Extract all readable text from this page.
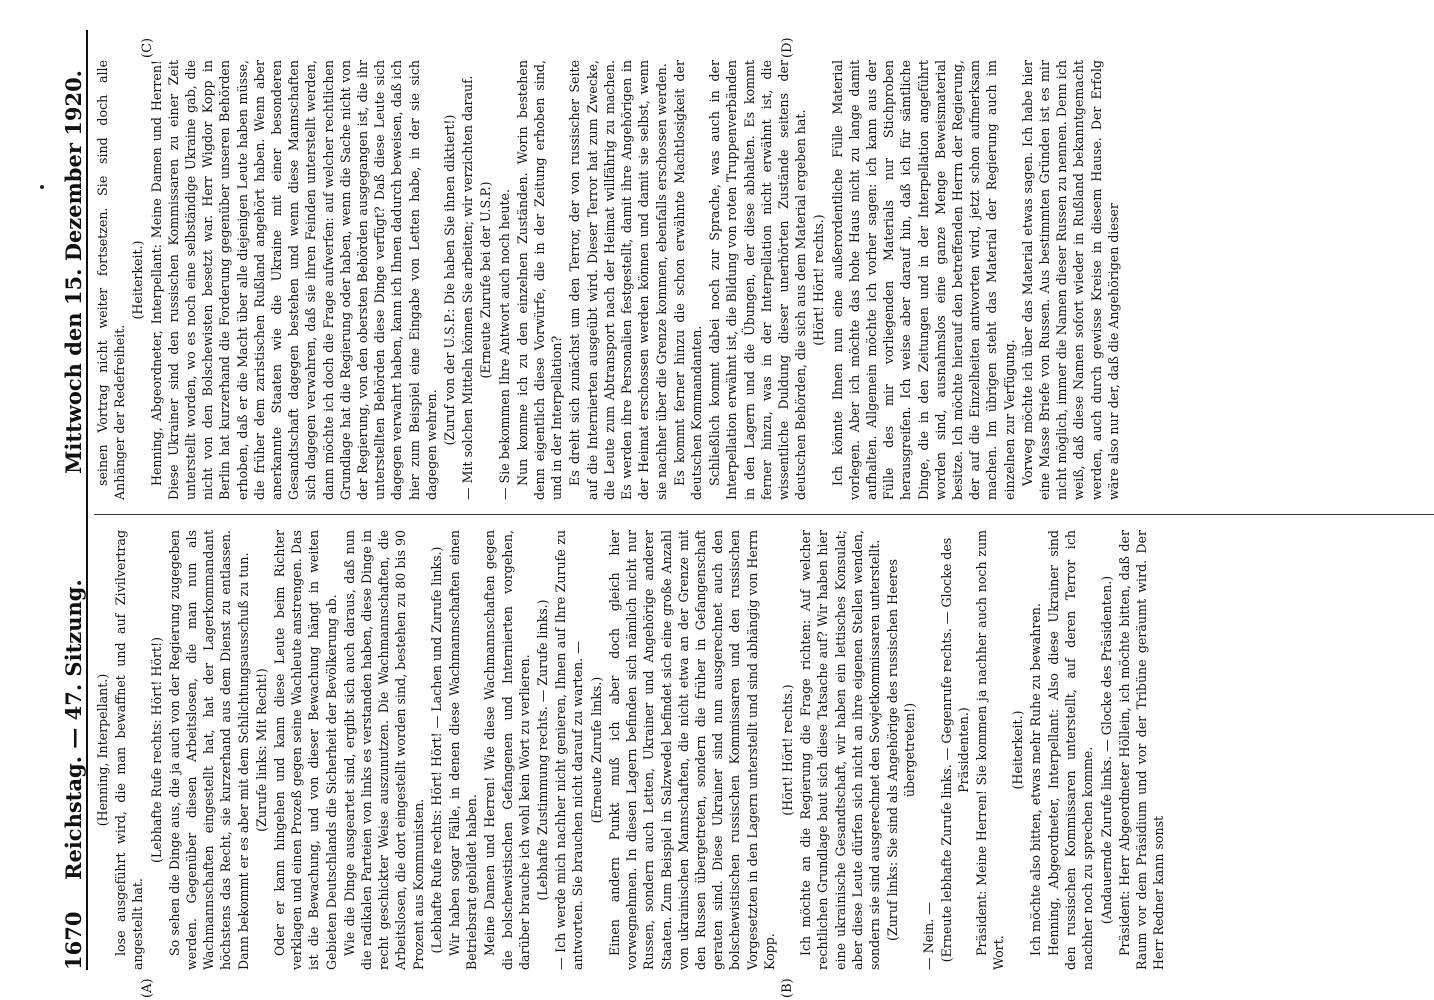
1670
Reichstag. — 47. Sitzung.
Mittwoch den 15. Dezember 1920.
(A)	(B)
(C)	(D)

(Henning, Interpellant.) lose ausgeführt wird, die man bewaffnet und auf Zivilvertrag angestellt hat.

(Lebhafte Rufe rechts: Hört! Hört!) So sehen die Dinge aus, die ja auch von der Regierung zugegeben werden. Gegenüber diesen Arbeitslosen, die man nun als Wachmannschaften eingestellt hat, hat der Lagerkommandant höchstens das Recht, sie kurzerhand aus dem Dienst zu entlassen. Dann bekommt er es aber mit dem Schlichtungsausschuß zu tun. (Zurufe links: Mit Recht!) Oder er kann hingehen und kann diese Leute beim Richter verklagen und einen Prozeß gegen seine Wachleute anstrengen. Das ist die Bewachung, und von dieser Bewachung hängt in weiten Gebieten Deutschlands die Sicherheit der Bevölkerung ab. Wie die Dinge ausgeartet sind, ergibt sich auch daraus, daß nun die radikalen Parteien von links es verstanden haben, diese Dinge in recht geschickter Weise auszunutzen. Die Wachmannschaften, die Arbeitslosen, die dort eingestellt worden sind, bestehen zu 80 bis 90 Prozent aus Kommunisten. (Lebhafte Rufe rechts: Hört! Hört! — Lachen und Zurufe links.) Wir haben sogar Fälle, in denen diese Wachmannschaften einen Betriebsrat gebildet haben. Meine Damen und Herren! Wie diese Wachmannschaften gegen die bolschewistischen Gefangenen und Internierten vorgehen, darüber brauche ich wohl kein Wort zu verlieren. (Lebhafte Zustimmung rechts. — Zurufe links.) — Ich werde mich nachher nicht genieren, Ihnen auf Ihre Zurufe zu antworten. Sie brauchen nicht darauf zu warten. — (Erneute Zurufe links.) Einen andern Punkt muß ich aber doch gleich hier vorwegnehmen. In diesen Lagern befinden sich nämlich nicht nur Russen, sondern auch Letten, Ukrainer und Angehörige anderer Staaten. Zum Beispiel in Salzwedel befindet sich eine große Anzahl von ukrainischen Mannschaften, die nicht etwa an der Grenze mit den Russen übergetreten, sondern die früher in Gefangenschaft geraten sind. Diese Ukrainer sind nun ausgerechnet auch den bolschewistischen russischen Kommissaren und den russischen Vorgesetzten in den Lagern unterstellt und sind abhängig von Herrn Kopp.

(Hört! Hört! rechts.) Ich möchte an die Regierung die Frage richten: Auf welcher rechtlichen Grundlage baut sich diese Tatsache auf? Wir haben hier eine ukrainische Gesandtschaft, wir haben ein lettisches Konsulat; aber diese Leute dürfen sich nicht an ihre eigenen Stellen wenden, sondern sie sind ausgerechnet den Sowjetkommissaren unterstellt. (Zuruf links: Sie sind als Angehörige des russischen Heeres übergetreten!)

— Nein. — (Erneute lebhafte Zurufe links. — Gegenrufe rechts. — Glocke des Präsidenten.) Präsident: Meine Herren! Sie kommen ja nachher auch noch zum Wort.

(Heiterkeit.) Ich möchte also bitten, etwas mehr Ruhe zu bewahren. Henning, Abgeordneter, Interpellant: Also diese Ukrainer sind den russischen Kommissaren unterstellt, auf deren Terror ich nachher noch zu sprechen komme. (Andauernde Zurufe links. — Glocke des Präsidenten.) Präsident: Herr Abgeordneter Höllein, ich möchte bitten, daß der Raum vor dem Präsidium und vor der Tribüne geräumt wird. Der Herr Redner kann sonst

seinen Vortrag nicht weiter fortsetzen. Sie sind doch alle Anhänger der Redefreiheit.

(Heiterkeit.) Henning, Abgeordneter, Interpellant: Meine Damen und Herren! Diese Ukrainer sind den russischen Kommissaren zu einer Zeit unterstellt worden, wo es noch eine selbständige Ukraine gab, die nicht von den Bolschewisten besetzt war. Herr Wigdor Kopp in Berlin hat kurzerhand die Forderung gegenüber unseren Behörden erhoben, daß er die Macht über alle diejenigen Leute haben müsse, die früher dem zaristischen Rußland angehört haben. Wenn aber anerkannte Staaten wie die Ukraine mit einer besonderen Gesandtschaft dagegen bestehen und wenn diese Mannschaften sich dagegen verwahren, daß sie ihren Feinden unterstellt werden, dann möchte ich doch die Frage aufwerfen: auf welcher rechtlichen Grundlage hat die Regierung oder haben, wenn die Sache nicht von der Regierung, von den obersten Behörden ausgegangen ist, die ihr unterstellten Behörden diese Dinge verfügt? Daß diese Leute sich dagegen verwahrt haben, kann ich Ihnen dadurch beweisen, daß ich hier zum Beispiel eine Eingabe von Letten habe, in der sie sich dagegen wehren. (Zuruf von der U.S.P.: Die haben Sie ihnen diktiert!) — Mit solchen Mitteln können Sie arbeiten; wir verzichten darauf. (Erneute Zurufe bei der U.S.P.) — Sie bekommen Ihre Antwort auch noch heute. Nun komme ich zu den einzelnen Zuständen. Worin bestehen denn eigentlich diese Vorwürfe, die in der Zeitung erhoben sind, und in der Interpellation? Es dreht sich zunächst um den Terror, der von russischer Seite auf die Internierten ausgeübt wird. Dieser Terror hat zum Zwecke, die Leute zum Abtransport nach der Heimat willfährig zu machen. Es werden ihre Personalien festgestellt, damit ihre Angehörigen in der Heimat erschossen werden können und damit sie selbst, wenn sie nachher über die Grenze kommen, ebenfalls erschossen werden. Es kommt ferner hinzu die schon erwähnte Machtlosigkeit der deutschen Kommandanten. Schließlich kommt dabei noch zur Sprache, was auch in der Interpellation erwähnt ist, die Bildung von roten Truppenverbänden in den Lagern und die Übungen, der diese abhalten. Es kommt ferner hinzu, was in der Interpellation nicht erwähnt ist, die wissentliche Duldung dieser unerhörten Zustände seitens der deutschen Behörden, die sich aus dem Material ergeben hat. (Hört! Hört! rechts.) Ich könnte Ihnen nun eine außerordentliche Fülle Material vorlegen. Aber ich möchte das hohe Haus nicht zu lange damit aufhalten. Allgemein möchte ich vorher sagen: ich kann aus der Fülle des mir vorliegenden Materials nur Stichproben herausgreifen. Ich weise aber darauf hin, daß ich für sämtliche Dinge, die in den Zeitungen und in der Interpellation angeführt worden sind, ausnahmslos eine ganze Menge Beweismaterial besitze. Ich möchte hierauf den betreffenden Herrn der Regierung, der auf die Einzelheiten antworten wird, jetzt schon aufmerksam machen. Im übrigen steht das Material der Regierung auch im einzelnen zur Verfügung. Vorweg möchte ich über das Material etwas sagen. Ich habe hier eine Masse Briefe von Russen. Aus bestimmten Gründen ist es mir nicht möglich, immer die Namen dieser Russen zu nennen. Denn ich weiß, daß diese Namen sofort wieder in Rußland bekanntgemacht werden, auch durch gewisse Kreise in diesem Hause. Der Erfolg wäre also nur der, daß die Angehörigen dieser
